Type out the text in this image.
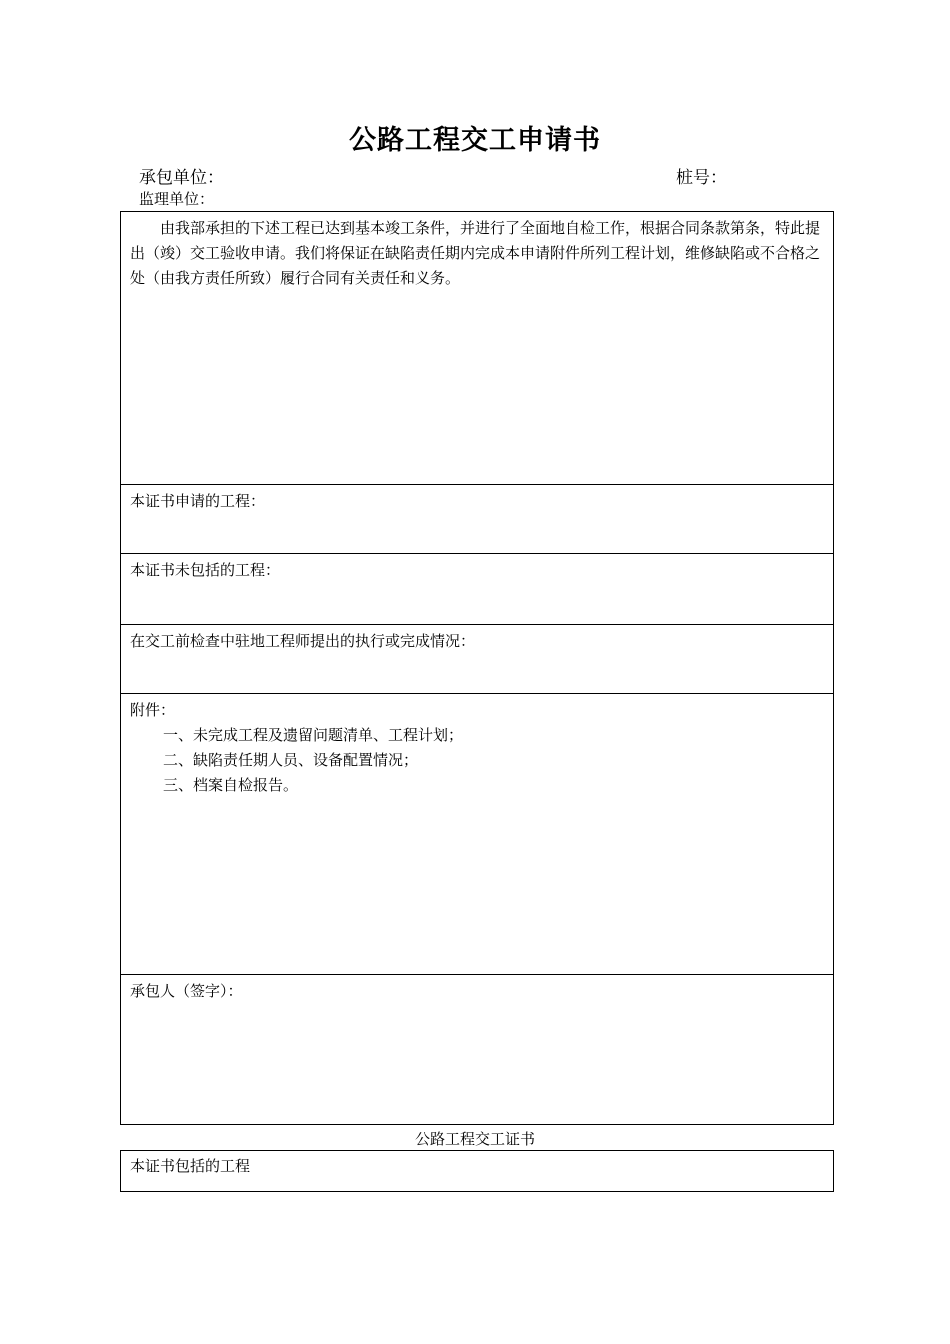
公路工程交工申请书
承包单位：	桩号：
监理单位：
由我部承担的下述工程已达到基本竣工条件，并进行了全面地自检工作，根据合同条款第条，特此提出（竣）交工验收申请。我们将保证在缺陷责任期内完成本申请附件所列工程计划，维修缺陷或不合格之处（由我方责任所致）履行合同有关责任和义务。

本证书申请的工程：

本证书未包括的工程：

在交工前检查中驻地工程师提出的执行或完成情况：

附件：
一、未完成工程及遗留问题清单、工程计划；
二、缺陷责任期人员、设备配置情况；
三、档案自检报告。

承包人（签字）：
公路工程交工证书
本证书包括的工程
